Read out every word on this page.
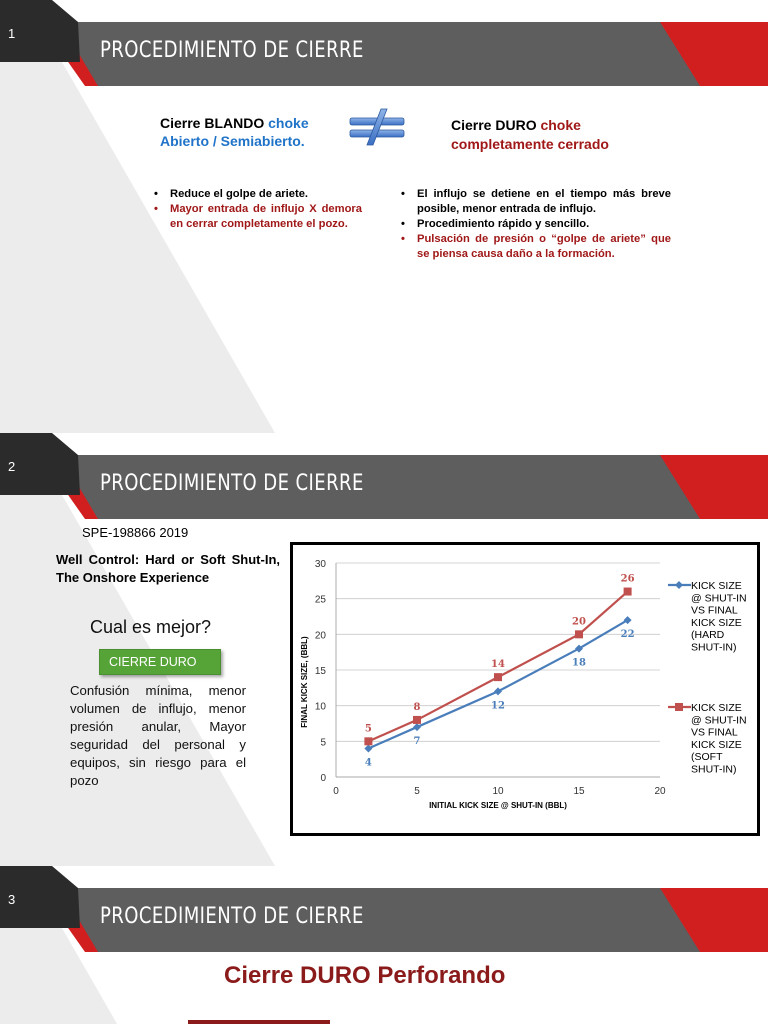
1
PROCEDIMIENTO DE CIERRE
Cierre BLANDO choke Abierto / Semiabierto.
Cierre DURO choke completamente cerrado
• Reduce el golpe de ariete.
• Mayor entrada de influjo X demora en cerrar completamente el pozo.
• El influjo se detiene en el tiempo más breve posible, menor entrada de influjo.
• Procedimiento rápido y sencillo.
• Pulsación de presión o “golpe de ariete” que se piensa causa daño a la formación.
2
PROCEDIMIENTO DE CIERRE
SPE-198866 2019
Well Control: Hard or Soft Shut-In, The Onshore Experience
Cual es mejor?
CIERRE DURO
Confusión mínima, menor volumen de influjo, menor presión anular, Mayor seguridad del personal y equipos, sin riesgo para el pozo	0
5
10
15
20
25
30
0	5	10	15	20
INITIAL KICK SIZE @ SHUT-IN (BBL)
FINAL KICK SIZE, (BBL)
4
7
12
18
22
KICK SIZE
@ SHUT-IN
VS FINAL
KICK SIZE
(HARD
SHUT-IN)
5
8
14
20
26
KICK SIZE
@ SHUT-IN
VS FINAL
KICK SIZE
(SOFT
SHUT-IN)
3
PROCEDIMIENTO DE CIERRE
Cierre DURO Perforando
